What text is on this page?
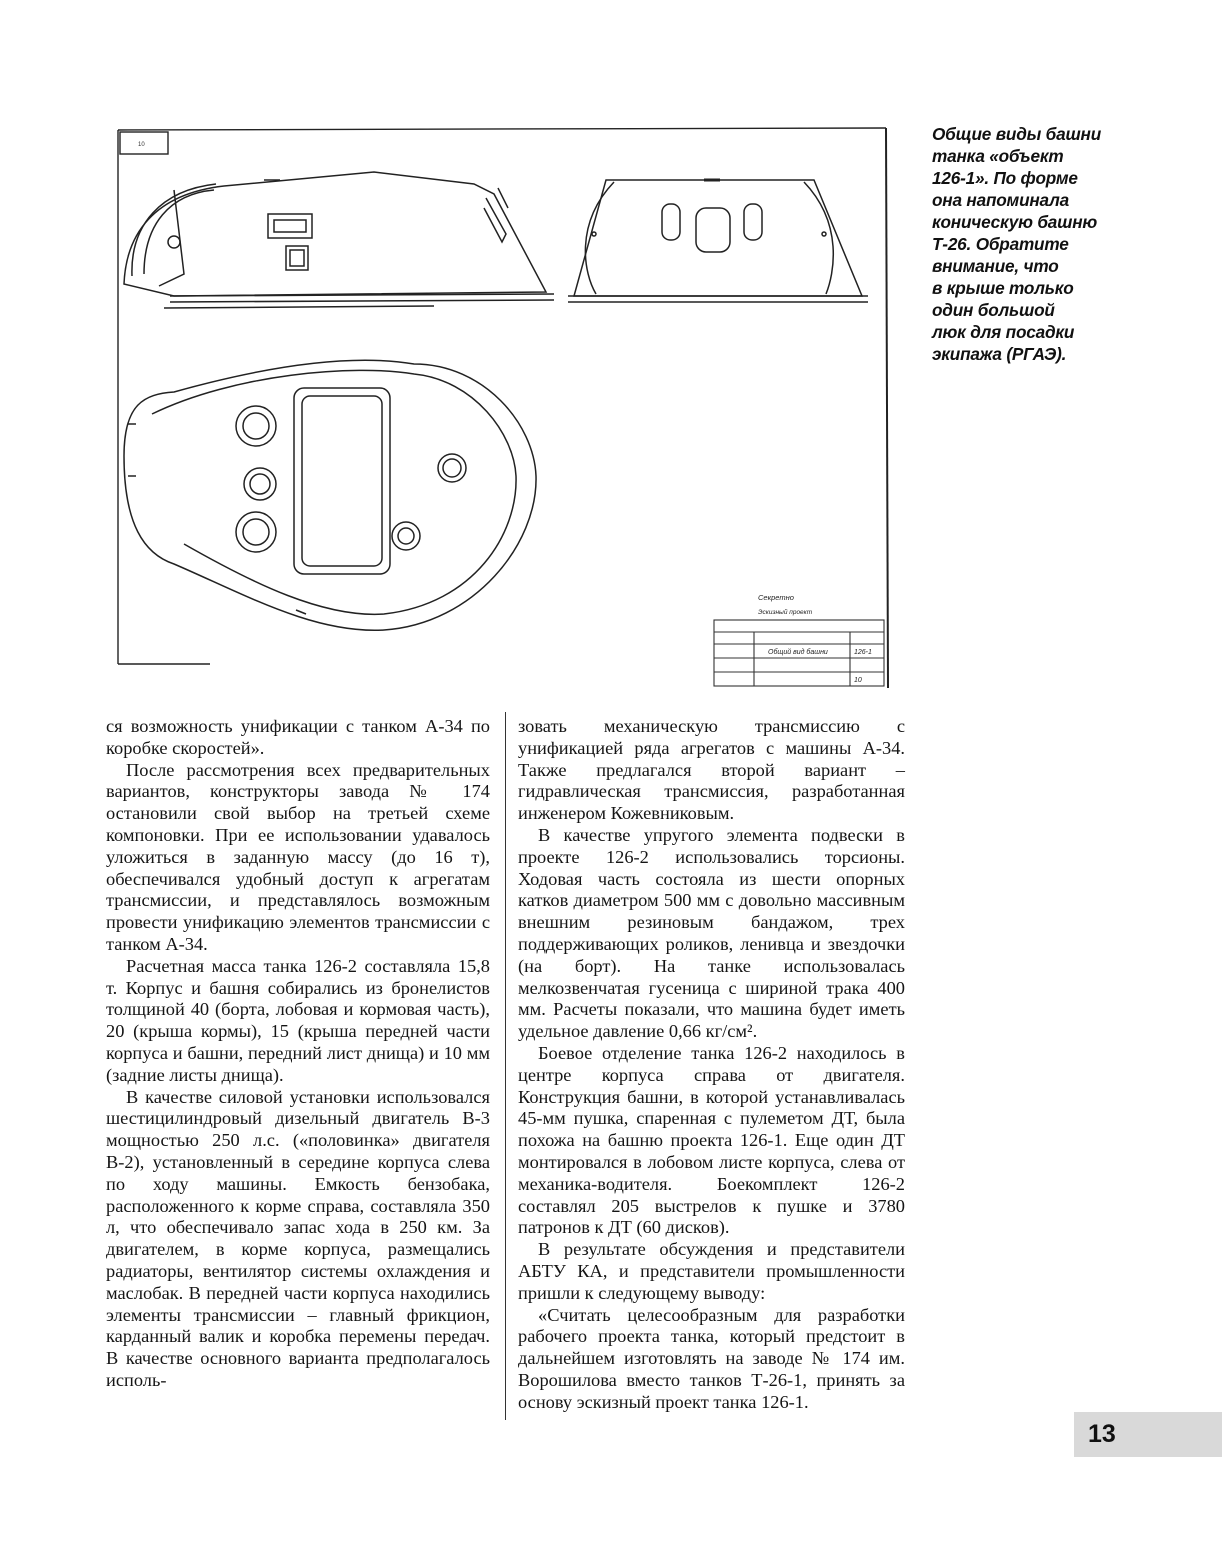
10
Секретно
Эскизный проект
Общий вид башни	126-1
10
Общие виды башни
танка «объект
126-1». По форме
она напоминала
коническую башню
Т-26. Обратите
внимание, что
в крыше только
один большой
люк для посадки
экипажа (РГАЭ).

ся возможность унификации с танком А-34 по коробке скоростей».

После рассмотрения всех предварительных вариантов, конструкторы завода № 174 остановили свой выбор на третьей схеме компоновки. При ее использовании удавалось уложиться в заданную массу (до 16 т), обеспечивался удобный доступ к агрегатам трансмиссии, и представлялось возможным провести унификацию элементов трансмиссии с танком А-34.

Расчетная масса танка 126-2 составляла 15,8 т. Корпус и башня собирались из бронелистов толщиной 40 (борта, лобовая и кормовая часть), 20 (крыша кормы), 15 (крыша передней части корпуса и башни, передний лист днища) и 10 мм (задние листы днища).

В качестве силовой установки использовался шестицилиндровый дизельный двигатель В-3 мощностью 250 л.с. («половинка» двигателя В-2), установленный в середине корпуса слева по ходу машины. Емкость бензобака, расположенного к корме справа, составляла 350 л, что обеспечивало запас хода в 250 км. За двигателем, в корме корпуса, размещались радиаторы, вентилятор системы охлаждения и маслобак. В передней части корпуса находились элементы трансмиссии – главный фрикцион, карданный валик и коробка перемены передач. В качестве основного варианта предполагалось исполь-

зовать механическую трансмиссию с унификацией ряда агрегатов с машины А-34. Также предлагался второй вариант – гидравлическая трансмиссия, разработанная инженером Кожевниковым.

В качестве упругого элемента подвески в проекте 126-2 использовались торсионы. Ходовая часть состояла из шести опорных катков диаметром 500 мм с довольно массивным внешним резиновым бандажом, трех поддерживающих роликов, ленивца и звездочки (на борт). На танке использовалась мелкозвенчатая гусеница с шириной трака 400 мм. Расчеты показали, что машина будет иметь удельное давление 0,66 кг/см².

Боевое отделение танка 126-2 находилось в центре корпуса справа от двигателя. Конструкция башни, в которой устанавливалась 45-мм пушка, спаренная с пулеметом ДТ, была похожа на башню проекта 126-1. Еще один ДТ монтировался в лобовом листе корпуса, слева от механика-водителя. Боекомплект 126-2 составлял 205 выстрелов к пушке и 3780 патронов к ДТ (60 дисков).

В результате обсуждения и представители АБТУ КА, и представители промышленности пришли к следующему выводу:

«Считать целесообразным для разработки рабочего проекта танка, который предстоит в дальнейшем изготовлять на заводе № 174 им. Ворошилова вместо танков Т-26-1, принять за основу эскизный проект танка 126-1.

13
